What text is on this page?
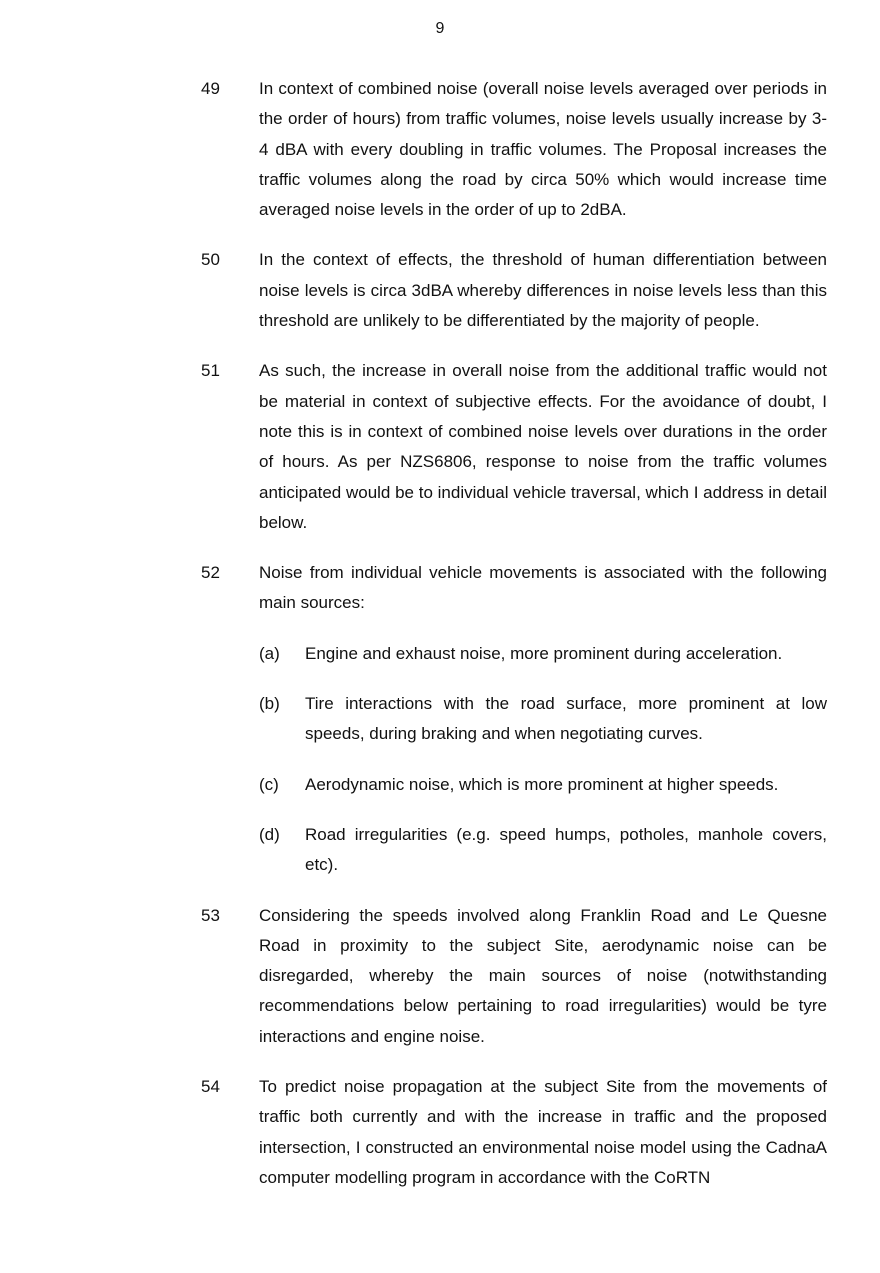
9
49	In context of combined noise (overall noise levels averaged over periods in the order of hours) from traffic volumes, noise levels usually increase by 3-4 dBA with every doubling in traffic volumes. The Proposal increases the traffic volumes along the road by circa 50% which would increase time averaged noise levels in the order of up to 2dBA.
50	In the context of effects, the threshold of human differentiation between noise levels is circa 3dBA whereby differences in noise levels less than this threshold are unlikely to be differentiated by the majority of people.
51	As such, the increase in overall noise from the additional traffic would not be material in context of subjective effects. For the avoidance of doubt, I note this is in context of combined noise levels over durations in the order of hours. As per NZS6806, response to noise from the traffic volumes anticipated would be to individual vehicle traversal, which I address in detail below.
52	Noise from individual vehicle movements is associated with the following main sources:
(a)	Engine and exhaust noise, more prominent during acceleration.
(b)	Tire interactions with the road surface, more prominent at low speeds, during braking and when negotiating curves.
(c)	Aerodynamic noise, which is more prominent at higher speeds.
(d)	Road irregularities (e.g. speed humps, potholes, manhole covers, etc).
53	Considering the speeds involved along Franklin Road and Le Quesne Road in proximity to the subject Site, aerodynamic noise can be disregarded, whereby the main sources of noise (notwithstanding recommendations below pertaining to road irregularities) would be tyre interactions and engine noise.
54	To predict noise propagation at the subject Site from the movements of traffic both currently and with the increase in traffic and the proposed intersection, I constructed an environmental noise model using the CadnaA computer modelling program in accordance with the CoRTN
